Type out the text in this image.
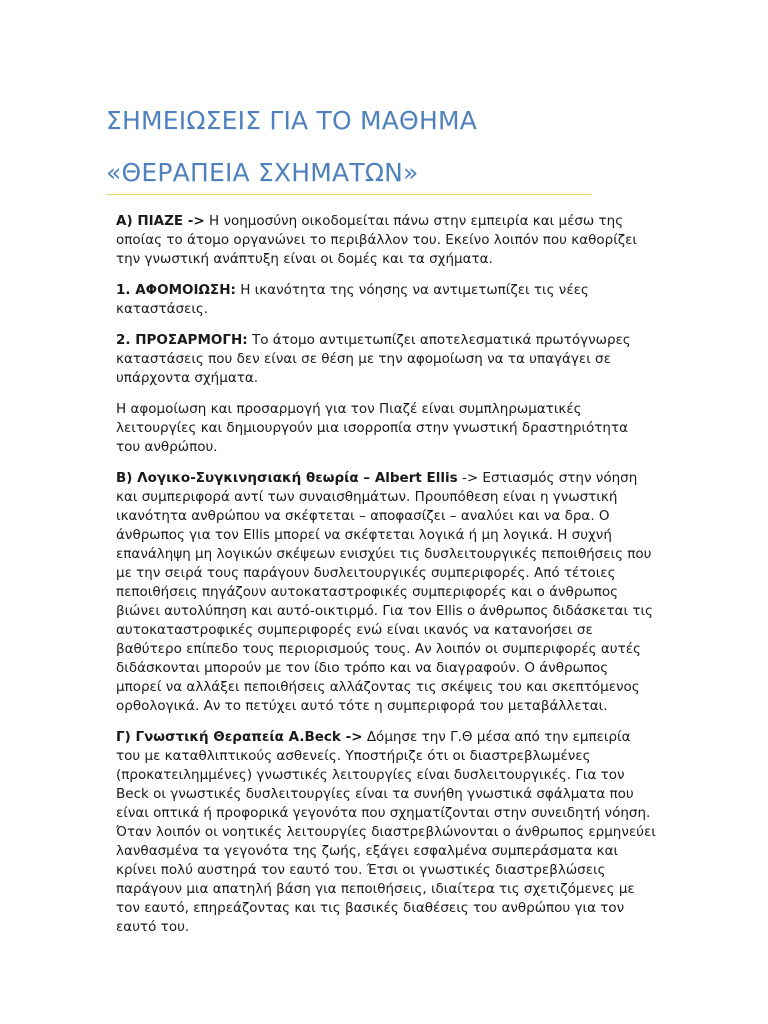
ΣΗΜΕΙΩΣΕΙΣ ΓΙΑ ΤΟ ΜΑΘΗΜΑ
«ΘΕΡΑΠΕΙΑ ΣΧΗΜΑΤΩΝ»

Α) ΠΙΑΖΕ -> Η νοημοσύνη οικοδομείται πάνω στην εμπειρία και μέσω της οποίας το άτομο οργανώνει το περιβάλλον του. Εκείνο λοιπόν που καθορίζει την γνωστική ανάπτυξη είναι οι δομές και τα σχήματα.

1. ΑΦΟΜΟΙΩΣΗ: Η ικανότητα της νόησης να αντιμετωπίζει τις νέες καταστάσεις.

2. ΠΡΟΣΑΡΜΟΓΗ: Το άτομο αντιμετωπίζει αποτελεσματικά πρωτόγνωρες καταστάσεις που δεν είναι σε θέση με την αφομοίωση να τα υπαγάγει σε υπάρχοντα σχήματα.

Η αφομοίωση και προσαρμογή για τον Πιαζέ είναι συμπληρωματικές λειτουργίες και δημιουργούν μια ισορροπία στην γνωστική δραστηριότητα του ανθρώπου.

Β) Λογικο-Συγκινησιακή θεωρία – Albert Ellis -> Εστιασμός στην νόηση και συμπεριφορά αντί των συναισθημάτων. Προυπόθεση είναι η γνωστική ικανότητα ανθρώπου να σκέφτεται – αποφασίζει – αναλύει και να δρα. Ο άνθρωπος για τον Ellis μπορεί να σκέφτεται λογικά ή μη λογικά. Η συχνή επανάληψη μη λογικών σκέψεων ενισχύει τις δυσλειτουργικές πεποιθήσεις που με την σειρά τους παράγουν δυσλειτουργικές συμπεριφορές. Από τέτοιες πεποιθήσεις πηγάζουν αυτοκαταστροφικές συμπεριφορές και ο άνθρωπος βιώνει αυτολύπηση και αυτό-οικτιρμό. Για τον Ellis ο άνθρωπος διδάσκεται τις αυτοκαταστροφικές συμπεριφορές ενώ είναι ικανός να κατανοήσει σε βαθύτερο επίπεδο τους περιορισμούς τους. Αν λοιπόν οι συμπεριφορές αυτές διδάσκονται μπορούν με τον ίδιο τρόπο και να διαγραφούν. Ο άνθρωπος μπορεί να αλλάξει πεποιθήσεις αλλάζοντας τις σκέψεις του και σκεπτόμενος ορθολογικά. Αν το πετύχει αυτό τότε η συμπεριφορά του μεταβάλλεται.

Γ) Γνωστική Θεραπεία A.Beck -> Δόμησε την Γ.Θ μέσα από την εμπειρία του με καταθλιπτικούς ασθενείς. Υποστήριζε ότι οι διαστρεβλωμένες (προκατειλημμένες) γνωστικές λειτουργίες είναι δυσλειτουργικές. Για τον Beck οι γνωστικές δυσλειτουργίες είναι τα συνήθη γνωστικά σφάλματα που είναι οπτικά ή προφορικά γεγονότα που σχηματίζονται στην συνειδητή νόηση. Όταν λοιπόν οι νοητικές λειτουργίες διαστρεβλώνονται ο άνθρωπος ερμηνεύει λανθασμένα τα γεγονότα της ζωής, εξάγει εσφαλμένα συμπεράσματα και κρίνει πολύ αυστηρά τον εαυτό του. Έτσι οι γνωστικές διαστρεβλώσεις παράγουν μια απατηλή βάση για πεποιθήσεις, ιδιαίτερα τις σχετιζόμενες με τον εαυτό, επηρεάζοντας και τις βασικές διαθέσεις του ανθρώπου για τον εαυτό του.
